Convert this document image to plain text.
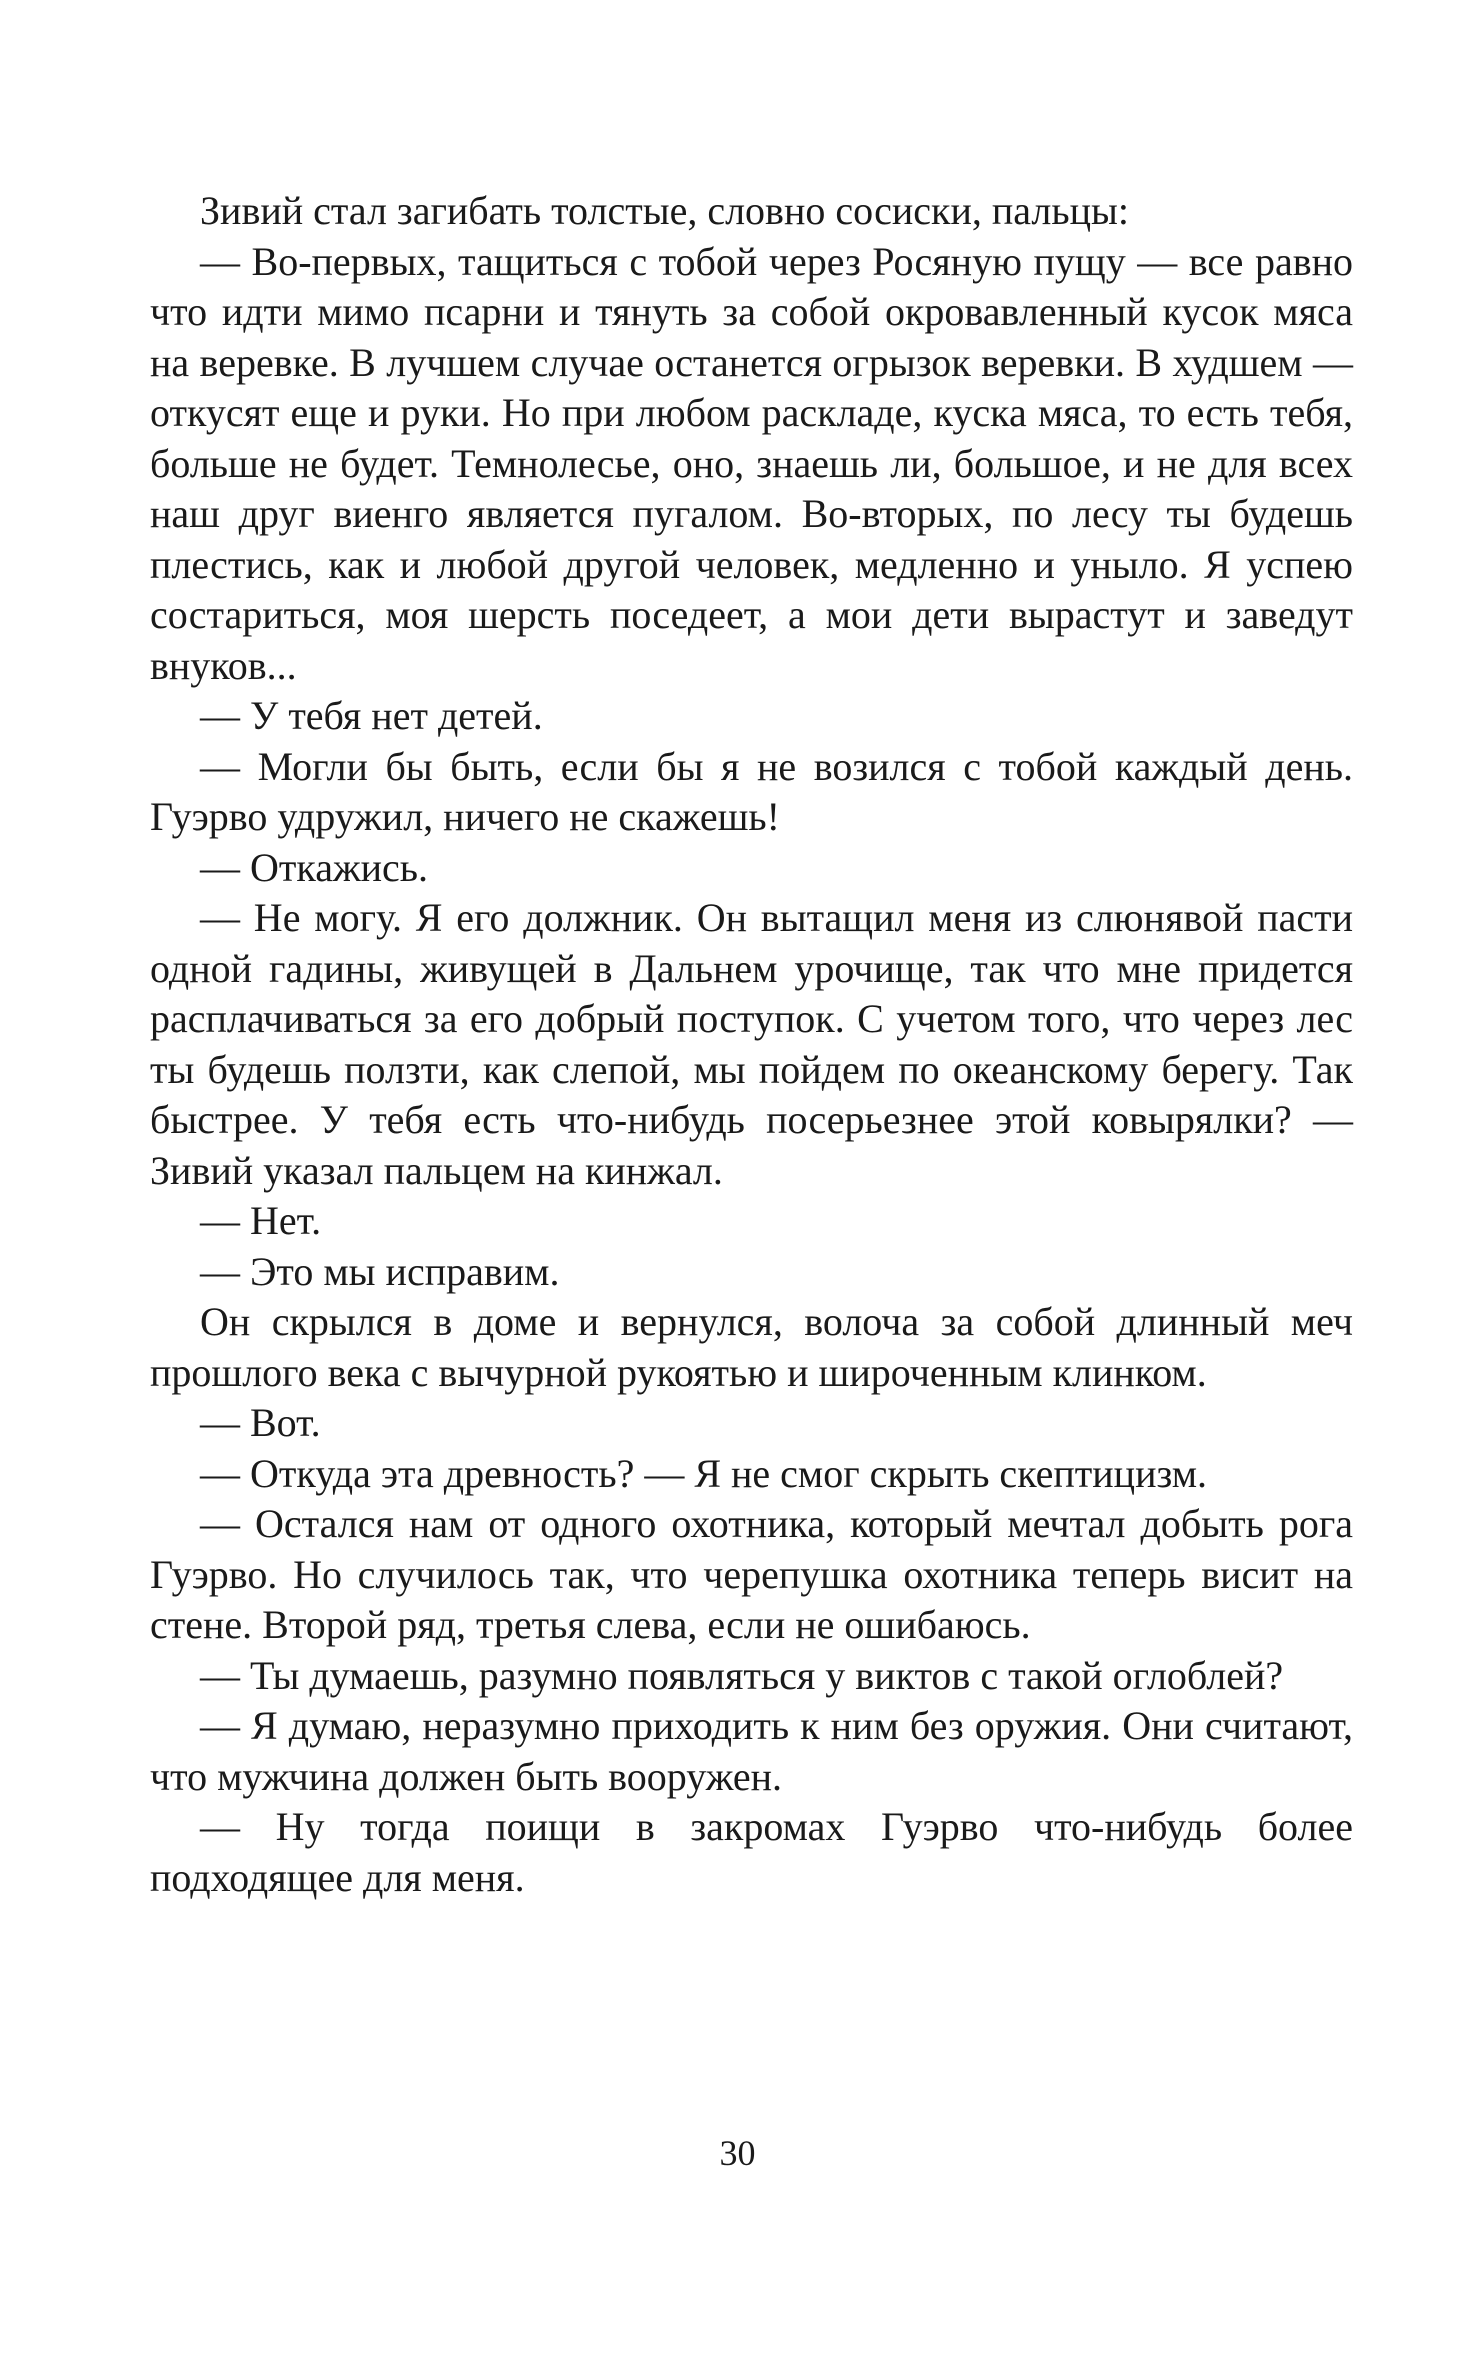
Зивий стал загибать толстые, словно сосиски, пальцы:

— Во-первых, тащиться с тобой через Росяную пущу — все равно что идти мимо псарни и тянуть за собой окровавленный кусок мяса на веревке. В лучшем случае останется огрызок веревки. В худшем — откусят еще и руки. Но при любом раскладе, куска мяса, то есть тебя, больше не будет. Темнолесье, оно, знаешь ли, большое, и не для всех наш друг виенго является пугалом. Во-вторых, по лесу ты будешь плестись, как и любой другой человек, медленно и уныло. Я успею состариться, моя шерсть поседеет, а мои дети вырастут и заведут внуков...

— У тебя нет детей.

— Могли бы быть, если бы я не возился с тобой каждый день. Гуэрво удружил, ничего не скажешь!

— Откажись.

— Не могу. Я его должник. Он вытащил меня из слюнявой пасти одной гадины, живущей в Дальнем урочище, так что мне придется расплачиваться за его добрый поступок. С учетом того, что через лес ты будешь ползти, как слепой, мы пойдем по океанскому берегу. Так быстрее. У тебя есть что-нибудь посерьезнее этой ковырялки? — Зивий указал пальцем на кинжал.

— Нет.

— Это мы исправим.

Он скрылся в доме и вернулся, волоча за собой длинный меч прошлого века с вычурной рукоятью и широченным клинком.

— Вот.

— Откуда эта древность? — Я не смог скрыть скептицизм.

— Остался нам от одного охотника, который мечтал добыть рога Гуэрво. Но случилось так, что черепушка охотника теперь висит на стене. Второй ряд, третья слева, если не ошибаюсь.

— Ты думаешь, разумно появляться у виктов с такой оглоблей?

— Я думаю, неразумно приходить к ним без оружия. Они считают, что мужчина должен быть вооружен.

— Ну тогда поищи в закромах Гуэрво что-нибудь более подходящее для меня.

30
